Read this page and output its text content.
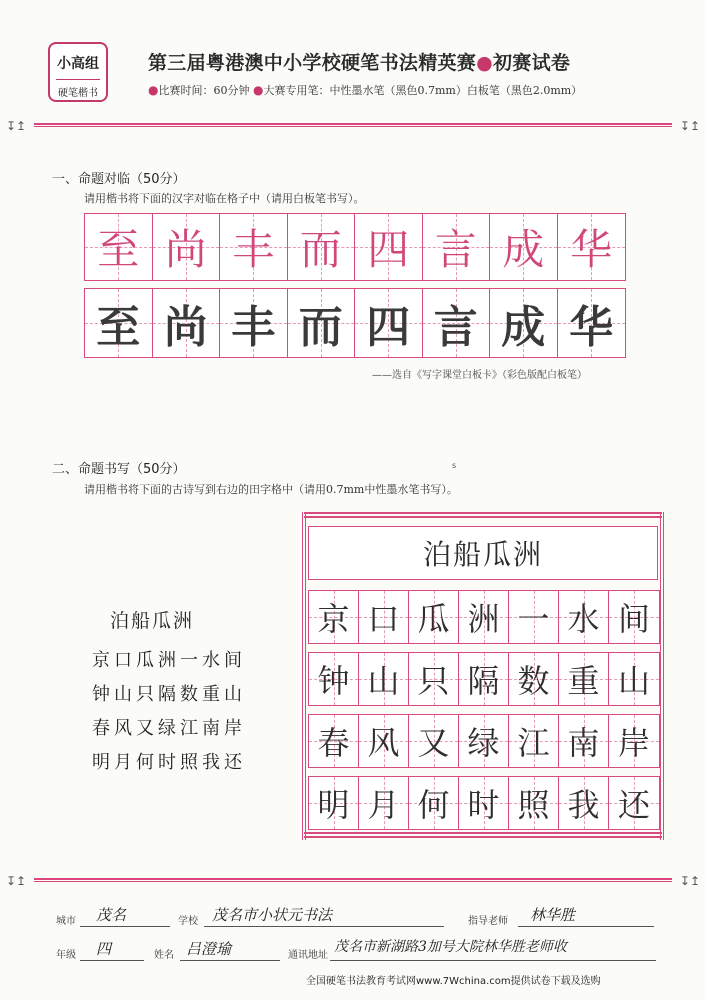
小高组
硬笔楷书
第三届粤港澳中小学校硬笔书法精英赛●初赛试卷
●比赛时间：60分钟 ●大赛专用笔：中性墨水笔（黑色0.7mm）白板笔（黑色2.0mm）
↧↥	↧↥
一、命题对临（50分）
请用楷书将下面的汉字对临在格子中（请用白板笔书写）。
至 尚 丰 而 四 言 成 华
至 尚 丰 而 四 言 成 华
——选自《写字课堂白板卡》（彩色版配白板笔）
二、命题书写（50分）	s
请用楷书将下面的古诗写到右边的田字格中（请用0.7mm中性墨水笔书写）。
泊船瓜洲
京口瓜洲一水间
钟山只隔数重山
春风又绿江南岸
明月何时照我还
泊船瓜洲
京 口 瓜 洲 一 水 间
钟 山 只 隔 数 重 山
春 风 又 绿 江 南 岸
明 月 何 时 照 我 还
↧↥	↧↥
城市 茂名	学校 茂名市小状元书法	指导老师 林华胜
年级 四	姓名 吕澄瑜	通讯地址
茂名市新湖路3加号大院林华胜老师收
全国硬笔书法教育考试网www.7Wchina.com提供试卷下载及选购
